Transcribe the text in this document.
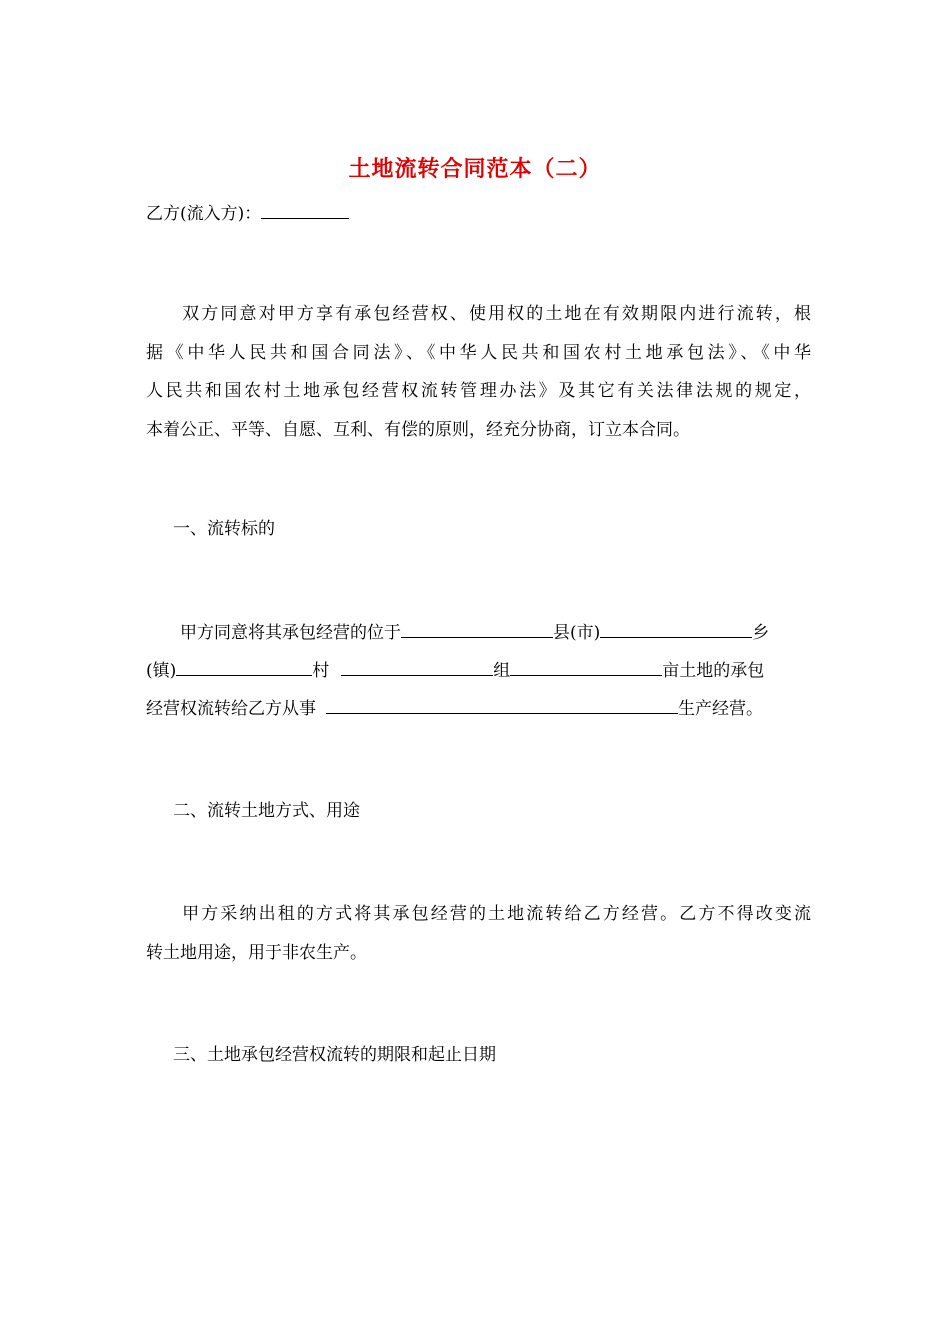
土地流转合同范本（二）
乙方(流入方)：
双方同意对甲方享有承包经营权、使用权的土地在有效期限内进行流转，根
据《中华人民共和国合同法》、《中华人民共和国农村土地承包法》、《中华
人民共和国农村土地承包经营权流转管理办法》及其它有关法律法规的规定，
本着公正、平等、自愿、互利、有偿的原则，经充分协商，订立本合同。
一、流转标的
甲方同意将其承包经营的位于	县(市)	乡
(镇)	村	组	亩土地的承包
经营权流转给乙方从事	生产经营。
二、流转土地方式、用途
甲方采纳出租的方式将其承包经营的土地流转给乙方经营。乙方不得改变流
转土地用途，用于非农生产。
三、土地承包经营权流转的期限和起止日期
